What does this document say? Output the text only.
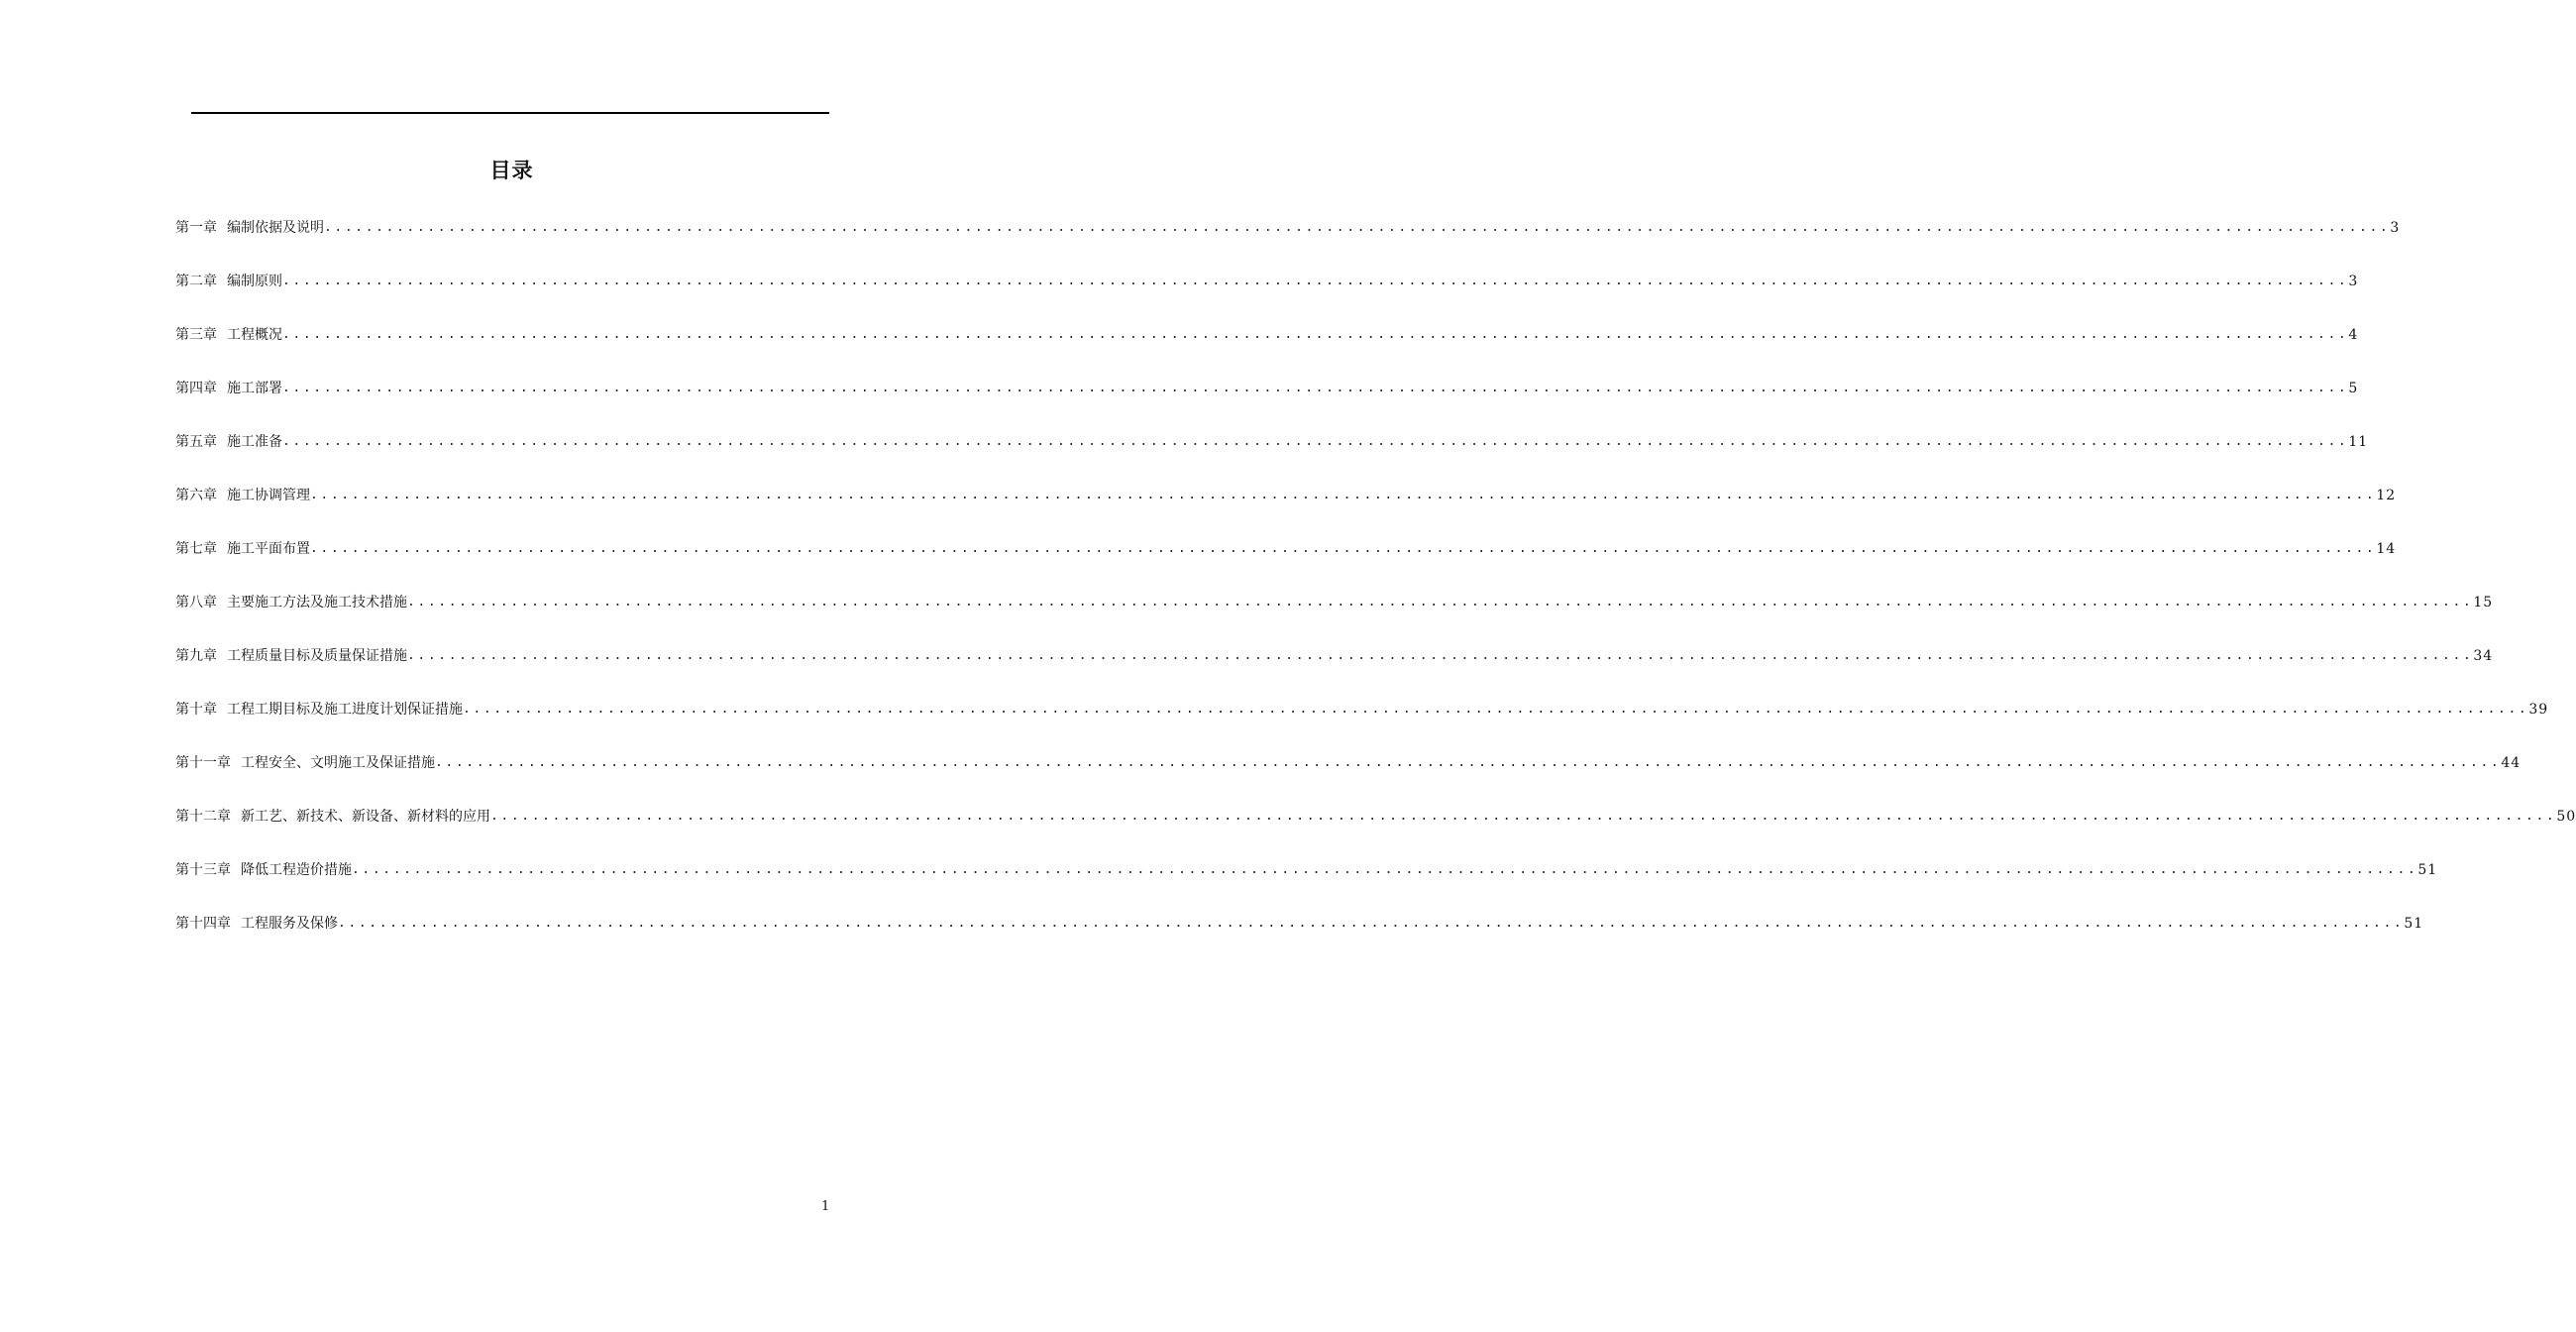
目录
第一章 编制依据及说明 ........................................................................................................................................................................................................ 3
第二章 编制原则 ........................................................................................................................................................................................................ 3
第三章 工程概况 ........................................................................................................................................................................................................ 4
第四章 施工部署 ........................................................................................................................................................................................................ 5
第五章 施工准备 ........................................................................................................................................................................................................ 11
第六章 施工协调管理 ........................................................................................................................................................................................................ 12
第七章 施工平面布置 ........................................................................................................................................................................................................ 14
第八章 主要施工方法及施工技术措施 ........................................................................................................................................................................................................ 15
第九章 工程质量目标及质量保证措施 ........................................................................................................................................................................................................ 34
第十章 工程工期目标及施工进度计划保证措施 ........................................................................................................................................................................................................ 39
第十一章 工程安全、文明施工及保证措施 ........................................................................................................................................................................................................ 44
第十二章 新工艺、新技术、新设备、新材料的应用 ........................................................................................................................................................................................................ 50
第十三章 降低工程造价措施 ........................................................................................................................................................................................................ 51
第十四章 工程服务及保修 ........................................................................................................................................................................................................ 51
1
